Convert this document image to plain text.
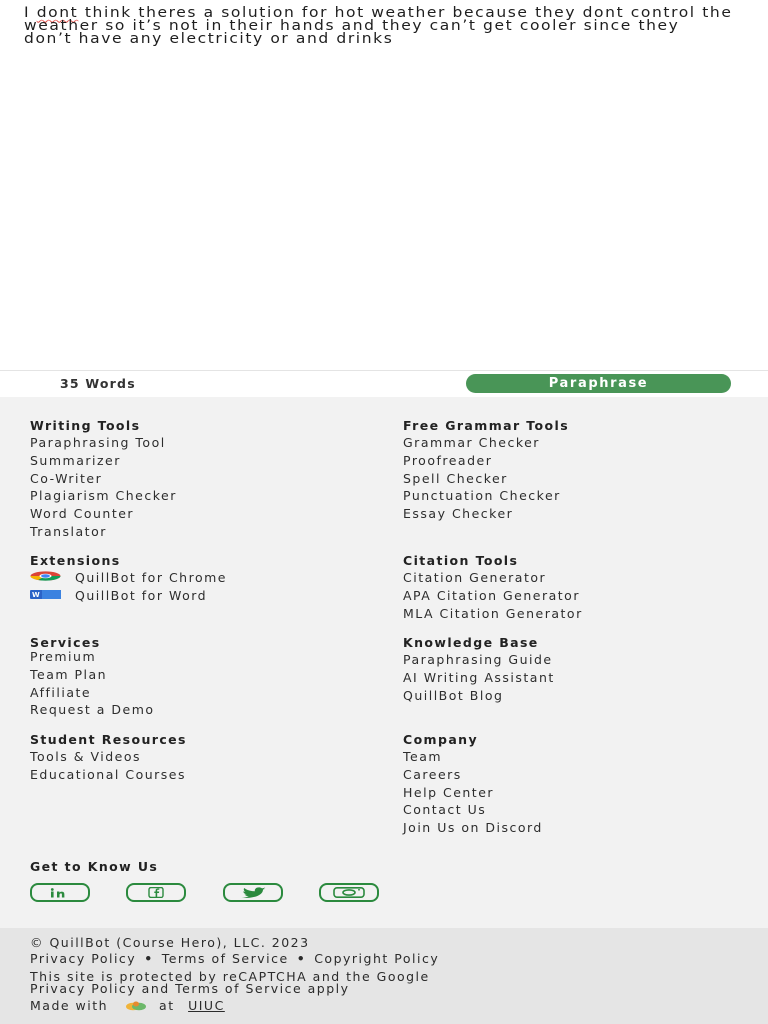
I dont think theres a solution for hot weather because they dont control the weather so it’s not in their hands and they can’t get cooler since they don’t have any electricity or and drinks

35 Words	Paraphrase
Writing Tools
Paraphrasing Tool
Summarizer
Co-Writer
Plagiarism Checker
Word Counter
Translator
Extensions
QuillBot for Chrome
W	QuillBot for Word
Services
Premium
Team Plan
Affiliate
Request a Demo
Student Resources
Tools & Videos
Educational Courses
Get to Know Us
Free Grammar Tools
Grammar Checker
Proofreader
Spell Checker
Punctuation Checker
Essay Checker
Citation Tools
Citation Generator
APA Citation Generator
MLA Citation Generator
Knowledge Base
Paraphrasing Guide
AI Writing Assistant
QuillBot Blog
Company
Team
Careers
Help Center
Contact Us
Join Us on Discord

© QuillBot (Course Hero), LLC. 2023

Privacy Policy • Terms of Service • Copyright Policy

This site is protected by reCAPTCHA and the Google

Privacy Policy and Terms of Service apply

Made with	at UIUC
